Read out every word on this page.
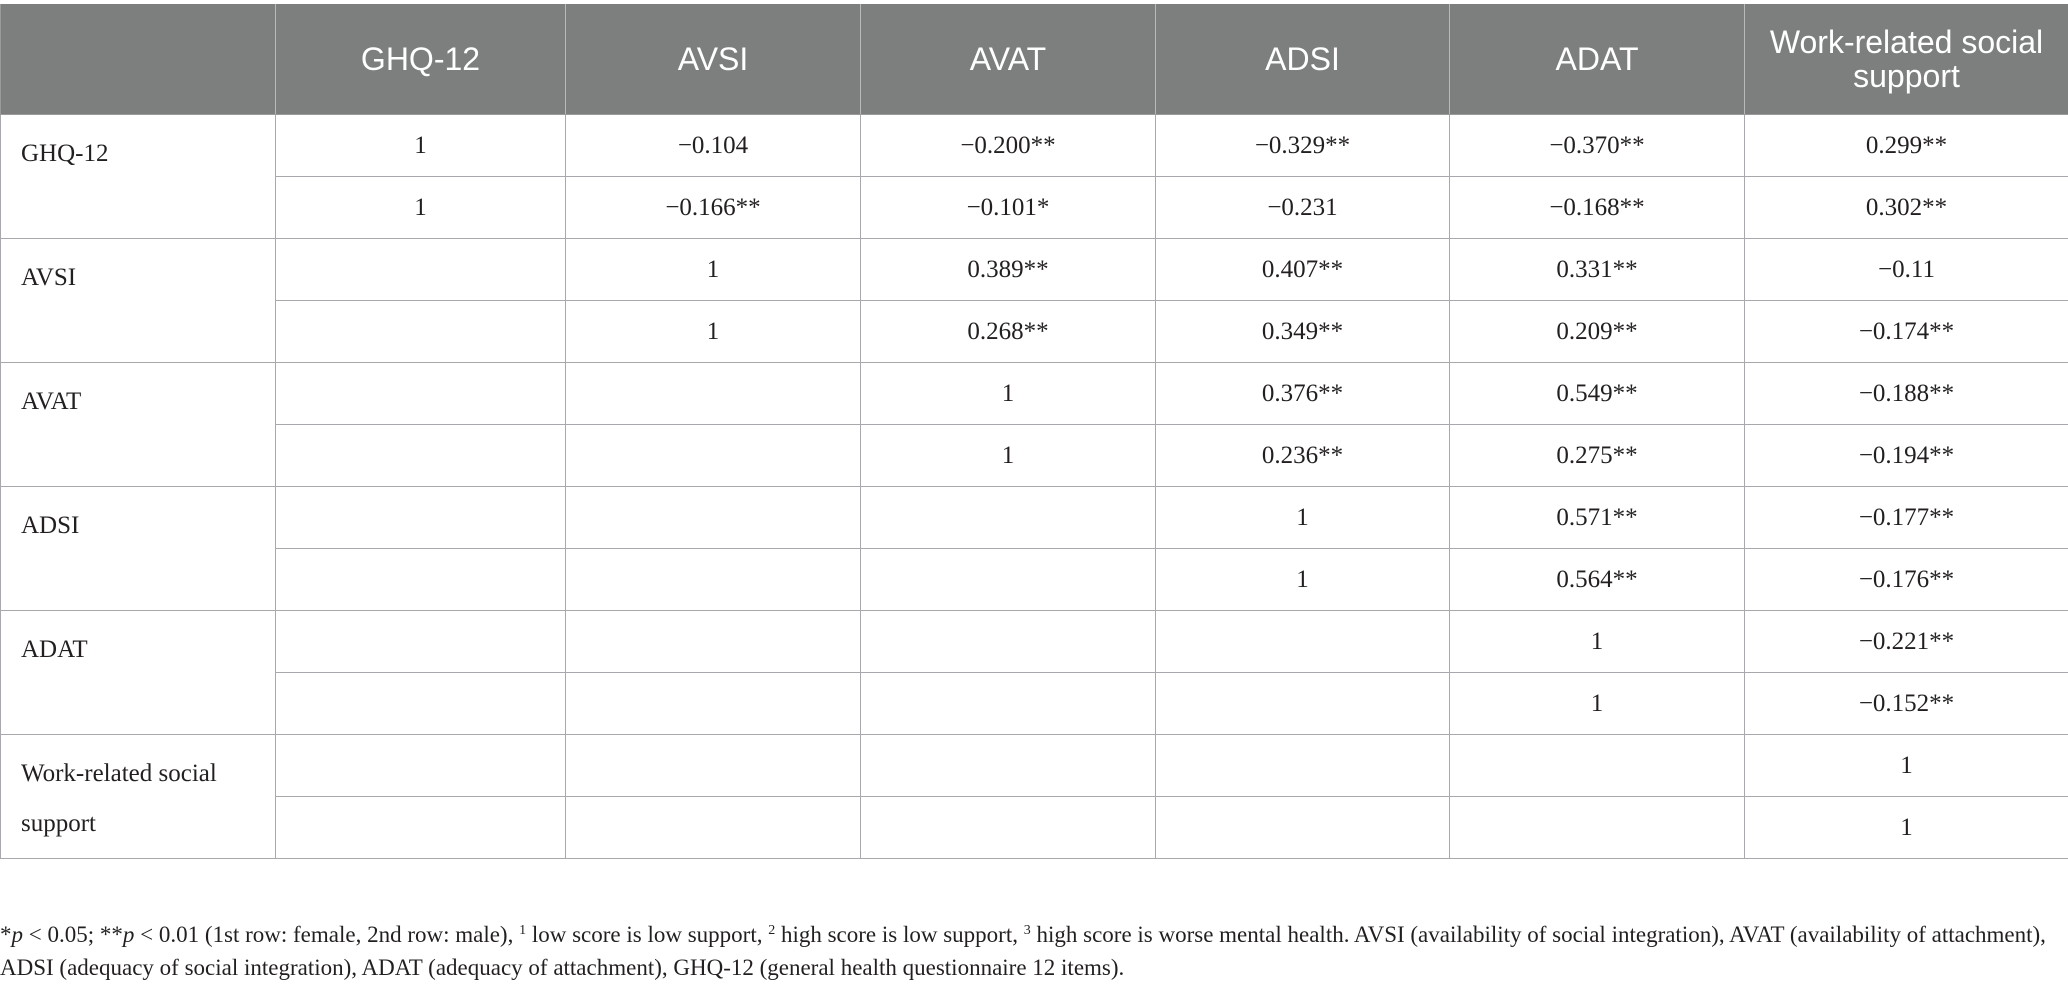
	GHQ-12	AVSI	AVAT	ADSI	ADAT	Work-related social support
GHQ-12	1	−0.104	−0.200**	−0.329**	−0.370**	0.299**
	1	−0.166**	−0.101*	−0.231	−0.168**	0.302**
AVSI		1	0.389**	0.407**	0.331**	−0.11
		1	0.268**	0.349**	0.209**	−0.174**
AVAT			1	0.376**	0.549**	−0.188**
			1	0.236**	0.275**	−0.194**
ADSI				1	0.571**	−0.177**
				1	0.564**	−0.176**
ADAT					1	−0.221**
					1	−0.152**
Work-related social support						1
						1
*p < 0.05; **p < 0.01 (1st row: female, 2nd row: male), $^1$ low score is low support, $^2$ high score is low support, $^3$ high score is worse mental health. AVSI (availability of social integration), AVAT (availability of attachment), ADSI (adequacy of social integration), ADAT (adequacy of attachment), GHQ-12 (general health questionnaire 12 items).
